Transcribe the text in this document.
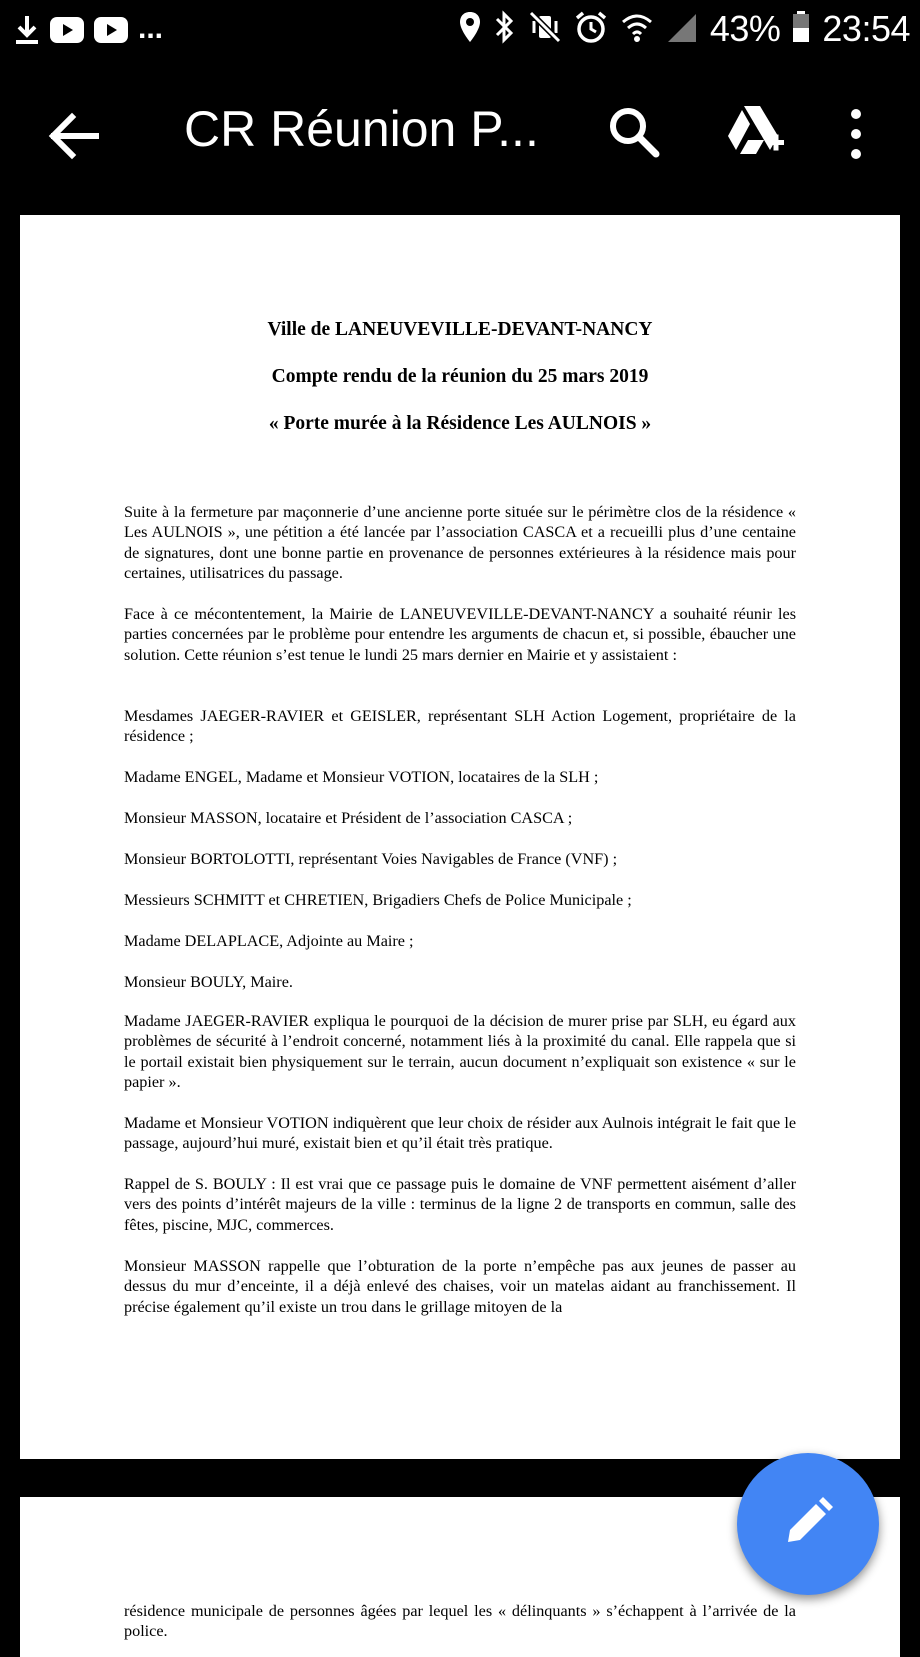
...	43% 23:54
CR Réunion P...
Ville de LANEUVEVILLE-DEVANT-NANCY
Compte rendu de la réunion du 25 mars 2019
« Porte murée à la Résidence Les AULNOIS »

Suite à la fermeture par maçonnerie d’une ancienne porte située sur le périmètre clos de la résidence « Les AULNOIS », une pétition a été lancée par l’association CASCA et a recueilli plus d’une centaine de signatures, dont une bonne partie en provenance de personnes extérieures à la résidence mais pour certaines, utilisatrices du passage.

Face à ce mécontentement, la Mairie de LANEUVEVILLE-DEVANT-NANCY a souhaité réunir les parties concernées par le problème pour entendre les arguments de chacun et, si possible, ébaucher une solution. Cette réunion s’est tenue le lundi 25 mars dernier en Mairie et y assistaient :

Mesdames JAEGER-RAVIER et GEISLER, représentant SLH Action Logement, propriétaire de la résidence ;

Madame ENGEL, Madame et Monsieur VOTION, locataires de la SLH ;

Monsieur MASSON, locataire et Président de l’association CASCA ;

Monsieur BORTOLOTTI, représentant Voies Navigables de France (VNF) ;

Messieurs SCHMITT et CHRETIEN, Brigadiers Chefs de Police Municipale ;

Madame DELAPLACE, Adjointe au Maire ;

Monsieur BOULY, Maire.

Madame JAEGER-RAVIER expliqua le pourquoi de la décision de murer prise par SLH, eu égard aux problèmes de sécurité à l’endroit concerné, notamment liés à la proximité du canal. Elle rappela que si le portail existait bien physiquement sur le terrain, aucun document n’expliquait son existence « sur le papier ».

Madame et Monsieur VOTION indiquèrent que leur choix de résider aux Aulnois intégrait le fait que le passage, aujourd’hui muré, existait bien et qu’il était très pratique.

Rappel de S. BOULY : Il est vrai que ce passage puis le domaine de VNF permettent aisément d’aller vers des points d’intérêt majeurs de la ville : terminus de la ligne 2 de transports en commun, salle des fêtes, piscine, MJC, commerces.

Monsieur MASSON rappelle que l’obturation de la porte n’empêche pas aux jeunes de passer au dessus du mur d’enceinte, il a déjà enlevé des chaises, voir un matelas aidant au franchissement. Il précise également qu’il existe un trou dans le grillage mitoyen de la

résidence municipale de personnes âgées par lequel les « délinquants » s’échappent à l’arrivée de la police.
